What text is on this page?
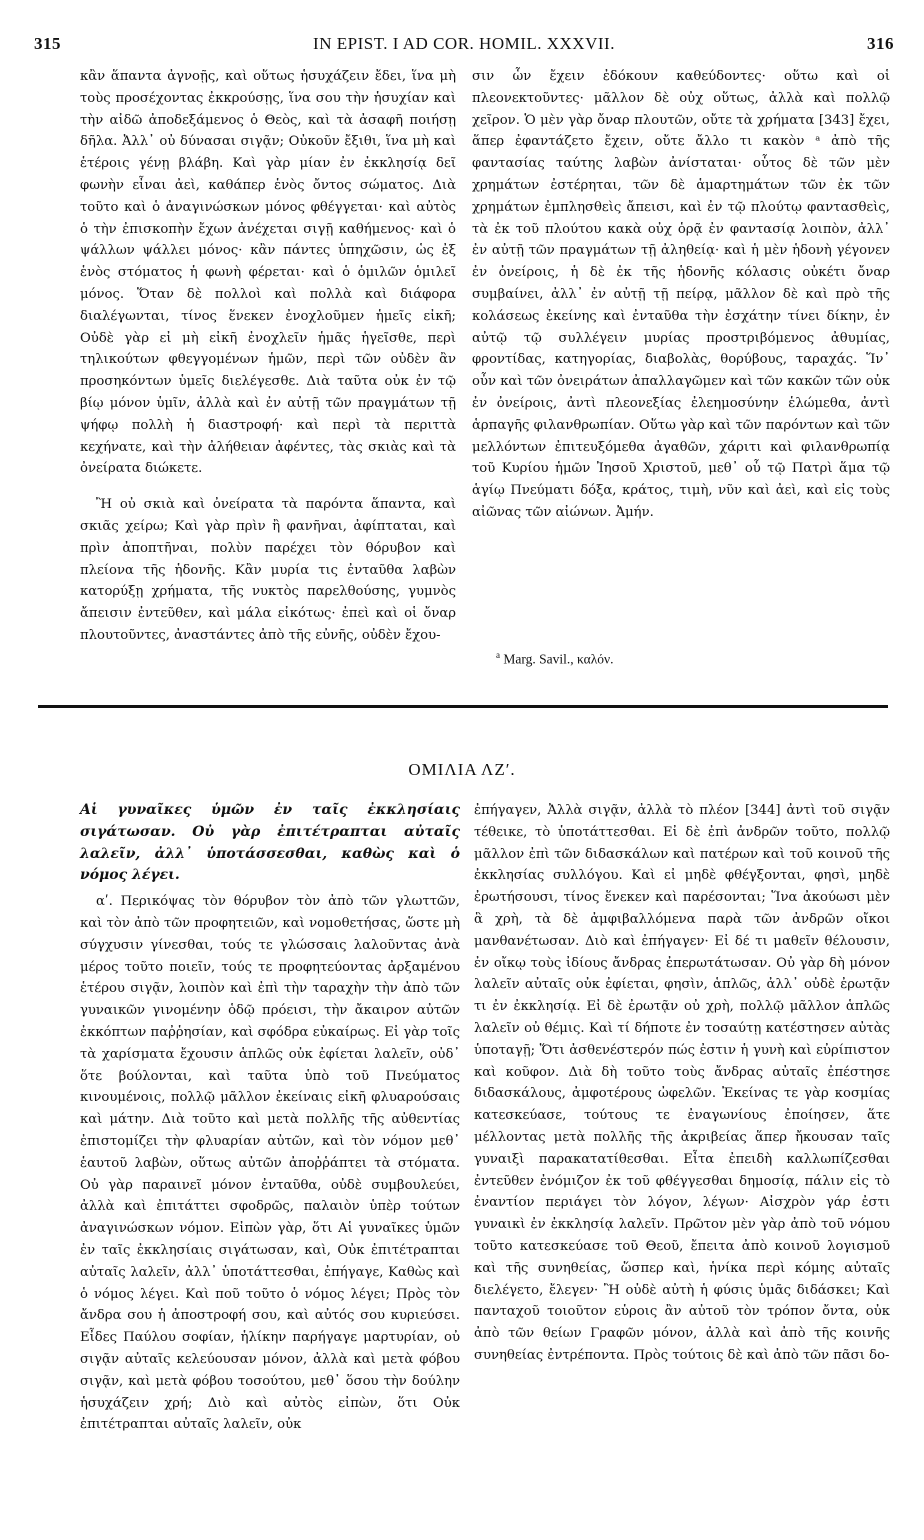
315	IN EPIST. I AD COR. HOMIL. XXXVII.	316

κἂν ἅπαντα ἀγνοῇς, καὶ οὕτως ἡσυχάζειν ἔδει, ἵνα μὴ τοὺς προσέχοντας ἐκκρούσῃς, ἵνα σου τὴν ἡσυχίαν καὶ τὴν αἰδῶ ἀποδεξάμενος ὁ Θεὸς, καὶ τὰ ἀσαφῆ ποιήσῃ δῆλα. Ἀλλ᾽ οὐ δύνασαι σιγᾷν; Οὐκοῦν ἔξιθι, ἵνα μὴ καὶ ἑτέροις γένῃ βλάβη. Καὶ γὰρ μίαν ἐν ἐκκλησίᾳ δεῖ φωνὴν εἶναι ἀεὶ, καθάπερ ἑνὸς ὄντος σώματος. Διὰ τοῦτο καὶ ὁ ἀναγινώσκων μόνος φθέγγεται· καὶ αὐτὸς ὁ τὴν ἐπισκοπὴν ἔχων ἀνέχεται σιγῇ καθήμενος· καὶ ὁ ψάλλων ψάλλει μόνος· κἂν πάντες ὑπηχῶσιν, ὡς ἐξ ἑνὸς στόματος ἡ φωνὴ φέρεται· καὶ ὁ ὁμιλῶν ὁμιλεῖ μόνος. Ὅταν δὲ πολλοὶ καὶ πολλὰ καὶ διάφορα διαλέγωνται, τίνος ἕνεκεν ἐνοχλοῦμεν ἡμεῖς εἰκῆ; Οὐδὲ γὰρ εἰ μὴ εἰκῆ ἐνοχλεῖν ἡμᾶς ἡγεῖσθε, περὶ τηλικούτων φθεγγομένων ἡμῶν, περὶ τῶν οὐδὲν ἂν προσηκόντων ὑμεῖς διελέγεσθε. Διὰ ταῦτα οὐκ ἐν τῷ βίῳ μόνον ὑμῖν, ἀλλὰ καὶ ἐν αὐτῇ τῶν πραγμάτων τῇ ψήφῳ πολλὴ ἡ διαστροφή· καὶ περὶ τὰ περιττὰ κεχήνατε, καὶ τὴν ἀλήθειαν ἀφέντες, τὰς σκιὰς καὶ τὰ ὀνείρατα διώκετε.

Ἢ οὐ σκιὰ καὶ ὀνείρατα τὰ παρόντα ἅπαντα, καὶ σκιᾶς χείρω; Καὶ γὰρ πρὶν ἢ φανῆναι, ἀφίπταται, καὶ πρὶν ἀποπτῆναι, πολὺν παρέχει τὸν θόρυβον καὶ πλείονα τῆς ἡδονῆς. Κἂν μυρία τις ἐνταῦθα λαβὼν κατορύξῃ χρήματα, τῆς νυκτὸς παρελθούσης, γυμνὸς ἄπεισιν ἐντεῦθεν, καὶ μάλα εἰκότως· ἐπεὶ καὶ οἱ ὄναρ πλουτοῦντες, ἀναστάντες ἀπὸ τῆς εὐνῆς, οὐδὲν ἔχου-

σιν ὧν ἔχειν ἐδόκουν καθεύδοντες· οὕτω καὶ οἱ πλεονεκτοῦντες· μᾶλλον δὲ οὐχ οὕτως, ἀλλὰ καὶ πολλῷ χεῖρον. Ὁ μὲν γὰρ ὄναρ πλουτῶν, οὔτε τὰ χρήματα [343] ἔχει, ἅπερ ἐφαντάζετο ἔχειν, οὔτε ἄλλο τι κακὸν ᵃ ἀπὸ τῆς φαντασίας ταύτης λαβὼν ἀνίσταται· οὗτος δὲ τῶν μὲν χρημάτων ἐστέρηται, τῶν δὲ ἁμαρτημάτων τῶν ἐκ τῶν χρημάτων ἐμπλησθεὶς ἄπεισι, καὶ ἐν τῷ πλούτῳ φαντασθεὶς, τὰ ἐκ τοῦ πλούτου κακὰ οὐχ ὁρᾷ ἐν φαντασίᾳ λοιπὸν, ἀλλ᾽ ἐν αὐτῇ τῶν πραγμάτων τῇ ἀληθείᾳ· καὶ ἡ μὲν ἡδονὴ γέγονεν ἐν ὀνείροις, ἡ δὲ ἐκ τῆς ἡδονῆς κόλασις οὐκέτι ὄναρ συμβαίνει, ἀλλ᾽ ἐν αὐτῇ τῇ πείρᾳ, μᾶλλον δὲ καὶ πρὸ τῆς κολάσεως ἐκείνης καὶ ἐνταῦθα τὴν ἐσχάτην τίνει δίκην, ἐν αὐτῷ τῷ συλλέγειν μυρίας προστριβόμενος ἀθυμίας, φροντίδας, κατηγορίας, διαβολὰς, θορύβους, ταραχάς. Ἵν᾽ οὖν καὶ τῶν ὀνειράτων ἀπαλλαγῶμεν καὶ τῶν κακῶν τῶν οὐκ ἐν ὀνείροις, ἀντὶ πλεονεξίας ἐλεημοσύνην ἑλώμεθα, ἀντὶ ἁρπαγῆς φιλανθρωπίαν. Οὕτω γὰρ καὶ τῶν παρόντων καὶ τῶν μελλόντων ἐπιτευξόμεθα ἀγαθῶν, χάριτι καὶ φιλανθρωπίᾳ τοῦ Κυρίου ἡμῶν Ἰησοῦ Χριστοῦ, μεθ᾽ οὗ τῷ Πατρὶ ἅμα τῷ ἁγίῳ Πνεύματι δόξα, κράτος, τιμὴ, νῦν καὶ ἀεὶ, καὶ εἰς τοὺς αἰῶνας τῶν αἰώνων. Ἀμήν.

$^a$ Marg. Savil., καλόν.
ΟΜΙΛΙΑ ΛΖʹ.

Αἱ γυναῖκες ὑμῶν ἐν ταῖς ἐκκλησίαις σιγάτωσαν. Οὐ γὰρ ἐπιτέτραπται αὐταῖς λαλεῖν, ἀλλ᾽ ὑποτάσσεσθαι, καθὼς καὶ ὁ νόμος λέγει.

αʹ. Περικόψας τὸν θόρυβον τὸν ἀπὸ τῶν γλωττῶν, καὶ τὸν ἀπὸ τῶν προφητειῶν, καὶ νομοθετήσας, ὥστε μὴ σύγχυσιν γίνεσθαι, τούς τε γλώσσαις λαλοῦντας ἀνὰ μέρος τοῦτο ποιεῖν, τούς τε προφητεύοντας ἀρξαμένου ἑτέρου σιγᾷν, λοιπὸν καὶ ἐπὶ τὴν ταραχὴν τὴν ἀπὸ τῶν γυναικῶν γινομένην ὁδῷ πρόεισι, τὴν ἄκαιρον αὐτῶν ἐκκόπτων παῤῥησίαν, καὶ σφόδρα εὐκαίρως. Εἰ γὰρ τοῖς τὰ χαρίσματα ἔχουσιν ἁπλῶς οὐκ ἐφίεται λαλεῖν, οὐδ᾽ ὅτε βούλονται, καὶ ταῦτα ὑπὸ τοῦ Πνεύματος κινουμένοις, πολλῷ μᾶλλον ἐκείναις εἰκῆ φλυαρούσαις καὶ μάτην. Διὰ τοῦτο καὶ μετὰ πολλῆς τῆς αὐθεντίας ἐπιστομίζει τὴν φλυαρίαν αὐτῶν, καὶ τὸν νόμον μεθ᾽ ἑαυτοῦ λαβὼν, οὕτως αὐτῶν ἀποῤῥάπτει τὰ στόματα. Οὐ γὰρ παραινεῖ μόνον ἐνταῦθα, οὐδὲ συμβουλεύει, ἀλλὰ καὶ ἐπιτάττει σφοδρῶς, παλαιὸν ὑπὲρ τούτων ἀναγινώσκων νόμον. Εἰπὼν γὰρ, ὅτι Αἱ γυναῖκες ὑμῶν ἐν ταῖς ἐκκλησίαις σιγάτωσαν, καὶ, Οὐκ ἐπιτέτραπται αὐταῖς λαλεῖν, ἀλλ᾽ ὑποτάττεσθαι, ἐπήγαγε, Καθὼς καὶ ὁ νόμος λέγει. Καὶ ποῦ τοῦτο ὁ νόμος λέγει; Πρὸς τὸν ἄνδρα σου ἡ ἀποστροφή σου, καὶ αὐτός σου κυριεύσει. Εἶδες Παύλου σοφίαν, ἡλίκην παρήγαγε μαρτυρίαν, οὐ σιγᾷν αὐταῖς κελεύουσαν μόνον, ἀλλὰ καὶ μετὰ φόβου σιγᾷν, καὶ μετὰ φόβου τοσούτου, μεθ᾽ ὅσου τὴν δούλην ἡσυχάζειν χρή; Διὸ καὶ αὐτὸς εἰπὼν, ὅτι Οὐκ ἐπιτέτραπται αὐταῖς λαλεῖν, οὐκ

ἐπήγαγεν, Ἀλλὰ σιγᾷν, ἀλλὰ τὸ πλέον [344] ἀντὶ τοῦ σιγᾷν τέθεικε, τὸ ὑποτάττεσθαι. Εἰ δὲ ἐπὶ ἀνδρῶν τοῦτο, πολλῷ μᾶλλον ἐπὶ τῶν διδασκάλων καὶ πατέρων καὶ τοῦ κοινοῦ τῆς ἐκκλησίας συλλόγου. Καὶ εἰ μηδὲ φθέγξονται, φησὶ, μηδὲ ἐρωτήσουσι, τίνος ἕνεκεν καὶ παρέσονται; Ἵνα ἀκούωσι μὲν ἃ χρὴ, τὰ δὲ ἀμφιβαλλόμενα παρὰ τῶν ἀνδρῶν οἴκοι μανθανέτωσαν. Διὸ καὶ ἐπήγαγεν· Εἰ δέ τι μαθεῖν θέλουσιν, ἐν οἴκῳ τοὺς ἰδίους ἄνδρας ἐπερωτάτωσαν. Οὐ γὰρ δὴ μόνον λαλεῖν αὐταῖς οὐκ ἐφίεται, φησὶν, ἁπλῶς, ἀλλ᾽ οὐδὲ ἐρωτᾷν τι ἐν ἐκκλησίᾳ. Εἰ δὲ ἐρωτᾷν οὐ χρὴ, πολλῷ μᾶλλον ἁπλῶς λαλεῖν οὐ θέμις. Καὶ τί δήποτε ἐν τοσαύτῃ κατέστησεν αὐτὰς ὑποταγῇ; Ὅτι ἀσθενέστερόν πώς ἐστιν ἡ γυνὴ καὶ εὐρίπιστον καὶ κοῦφον. Διὰ δὴ τοῦτο τοὺς ἄνδρας αὐταῖς ἐπέστησε διδασκάλους, ἀμφοτέρους ὠφελῶν. Ἐκείνας τε γὰρ κοσμίας κατεσκεύασε, τούτους τε ἐναγωνίους ἐποίησεν, ἅτε μέλλοντας μετὰ πολλῆς τῆς ἀκριβείας ἅπερ ἤκουσαν ταῖς γυναιξὶ παρακατατίθεσθαι. Εἶτα ἐπειδὴ καλλωπίζεσθαι ἐντεῦθεν ἐνόμιζον ἐκ τοῦ φθέγγεσθαι δημοσίᾳ, πάλιν εἰς τὸ ἐναντίον περιάγει τὸν λόγον, λέγων· Αἰσχρὸν γάρ ἐστι γυναικὶ ἐν ἐκκλησίᾳ λαλεῖν. Πρῶτον μὲν γὰρ ἀπὸ τοῦ νόμου τοῦτο κατεσκεύασε τοῦ Θεοῦ, ἔπειτα ἀπὸ κοινοῦ λογισμοῦ καὶ τῆς συνηθείας, ὥσπερ καὶ, ἡνίκα περὶ κόμης αὐταῖς διελέγετο, ἔλεγεν· Ἢ οὐδὲ αὐτὴ ἡ φύσις ὑμᾶς διδάσκει; Καὶ πανταχοῦ τοιοῦτον εὑροις ἂν αὐτοῦ τὸν τρόπον ὄντα, οὐκ ἀπὸ τῶν θείων Γραφῶν μόνον, ἀλλὰ καὶ ἀπὸ τῆς κοινῆς συνηθείας ἐντρέποντα. Πρὸς τούτοις δὲ καὶ ἀπὸ τῶν πᾶσι δο-
